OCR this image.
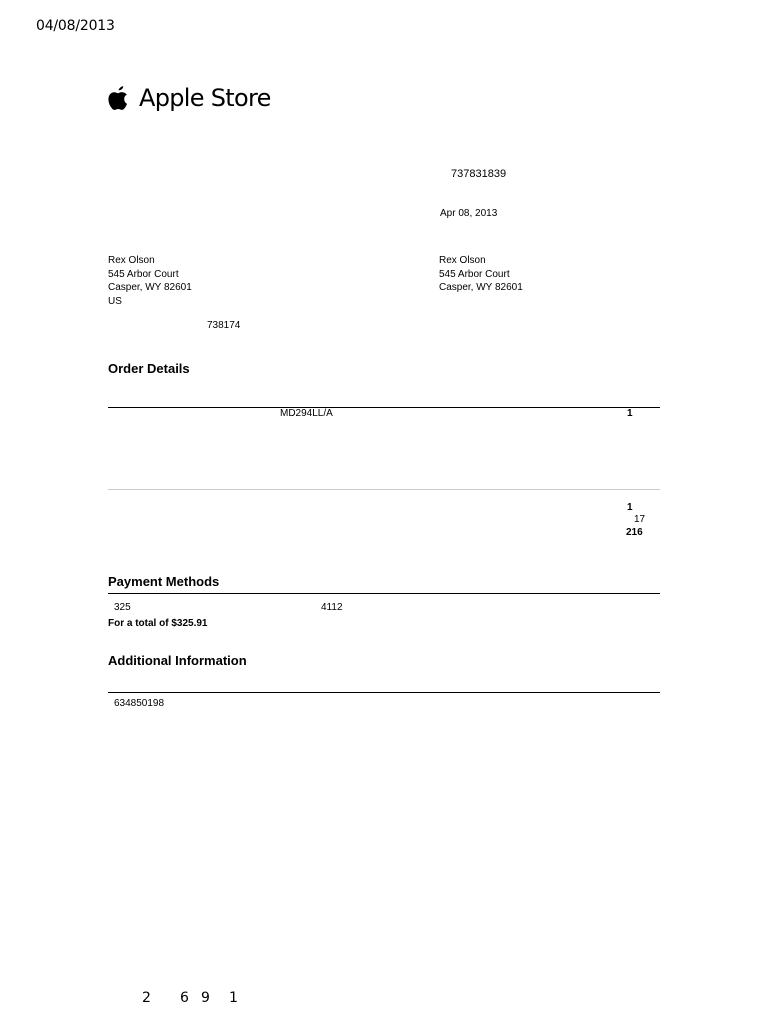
04/08/2013
Apple Store
737831839
Apr 08, 2013
Rex Olson
545 Arbor Court
Casper, WY 82601
US
738174
Rex Olson
545 Arbor Court
Casper, WY 82601
Order Details
MD294LL/A	1
1
17
216
Payment Methods
325	4112
For a total of $325.91
Additional Information
634850198
2 6 9 1
